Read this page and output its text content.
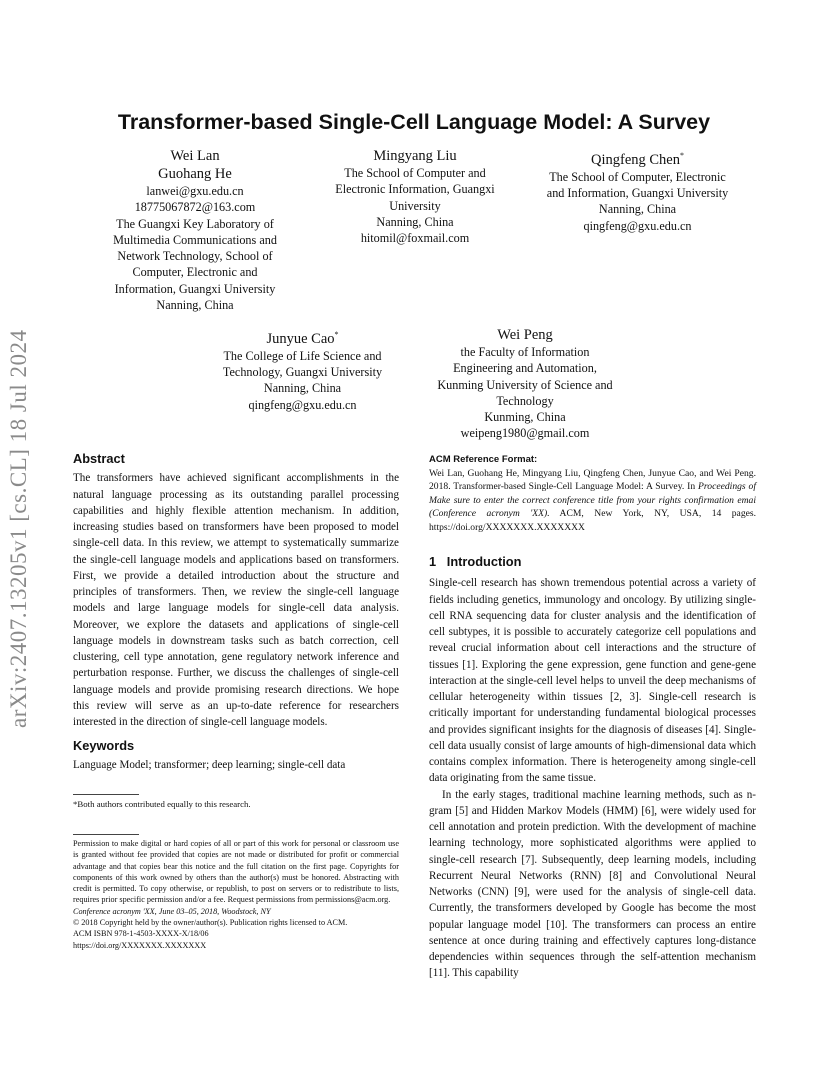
arXiv:2407.13205v1 [cs.CL] 18 Jul 2024
Transformer-based Single-Cell Language Model: A Survey
Wei Lan
Guohang He
lanwei@gxu.edu.cn
18775067872@163.com
The Guangxi Key Laboratory of
Multimedia Communications and
Network Technology, School of
Computer, Electronic and
Information, Guangxi University
Nanning, China
Mingyang Liu
The School of Computer and
Electronic Information, Guangxi
University
Nanning, China
hitomil@foxmail.com
Qingfeng Chen*
The School of Computer, Electronic
and Information, Guangxi University
Nanning, China
qingfeng@gxu.edu.cn
Junyue Cao*
The College of Life Science and
Technology, Guangxi University
Nanning, China
qingfeng@gxu.edu.cn
Wei Peng
the Faculty of Information
Engineering and Automation,
Kunming University of Science and
Technology
Kunming, China
weipeng1980@gmail.com
Abstract

The transformers have achieved significant accomplishments in the natural language processing as its outstanding parallel processing capabilities and highly flexible attention mechanism. In addition, increasing studies based on transformers have been proposed to model single-cell data. In this review, we attempt to systematically summarize the single-cell language models and applications based on transformers. First, we provide a detailed introduction about the structure and principles of transformers. Then, we review the single-cell language models and large language models for single-cell data analysis. Moreover, we explore the datasets and applications of single-cell language models in downstream tasks such as batch correction, cell clustering, cell type annotation, gene regulatory network inference and perturbation response. Further, we discuss the challenges of single-cell language models and provide promising research directions. We hope this review will serve as an up-to-date reference for researchers interested in the direction of single-cell language models.

Keywords

Language Model; transformer; deep learning; single-cell data

*Both authors contributed equally to this research.

Permission to make digital or hard copies of all or part of this work for personal or classroom use is granted without fee provided that copies are not made or distributed for profit or commercial advantage and that copies bear this notice and the full citation on the first page. Copyrights for components of this work owned by others than the author(s) must be honored. Abstracting with credit is permitted. To copy otherwise, or republish, to post on servers or to redistribute to lists, requires prior specific permission and/or a fee. Request permissions from permissions@acm.org.

Conference acronym 'XX, June 03–05, 2018, Woodstock, NY

© 2018 Copyright held by the owner/author(s). Publication rights licensed to ACM.

ACM ISBN 978-1-4503-XXXX-X/18/06

https://doi.org/XXXXXXX.XXXXXXX

ACM Reference Format:

Wei Lan, Guohang He, Mingyang Liu, Qingfeng Chen, Junyue Cao, and Wei Peng. 2018. Transformer-based Single-Cell Language Model: A Survey. In Proceedings of Make sure to enter the correct conference title from your rights confirmation emai (Conference acronym 'XX). ACM, New York, NY, USA, 14 pages. https://doi.org/XXXXXXX.XXXXXXX

1   Introduction

Single-cell research has shown tremendous potential across a variety of fields including genetics, immunology and oncology. By utilizing single-cell RNA sequencing data for cluster analysis and the identification of cell subtypes, it is possible to accurately categorize cell populations and reveal crucial information about cell interactions and the structure of tissues [1]. Exploring the gene expression, gene function and gene-gene interaction at the single-cell level helps to unveil the deep mechanisms of cellular heterogeneity within tissues [2, 3]. Single-cell research is critically important for understanding fundamental biological processes and provides significant insights for the diagnosis of diseases [4]. Single-cell data usually consist of large amounts of high-dimensional data which contains complex information. There is heterogeneity among single-cell data originating from the same tissue.

In the early stages, traditional machine learning methods, such as n-gram [5] and Hidden Markov Models (HMM) [6], were widely used for cell annotation and protein prediction. With the development of machine learning technology, more sophisticated algorithms were applied to single-cell research [7]. Subsequently, deep learning models, including Recurrent Neural Networks (RNN) [8] and Convolutional Neural Networks (CNN) [9], were used for the analysis of single-cell data. Currently, the transformers developed by Google has become the most popular language model [10]. The transformers can process an entire sentence at once during training and effectively captures long-distance dependencies within sequences through the self-attention mechanism [11]. This capability
